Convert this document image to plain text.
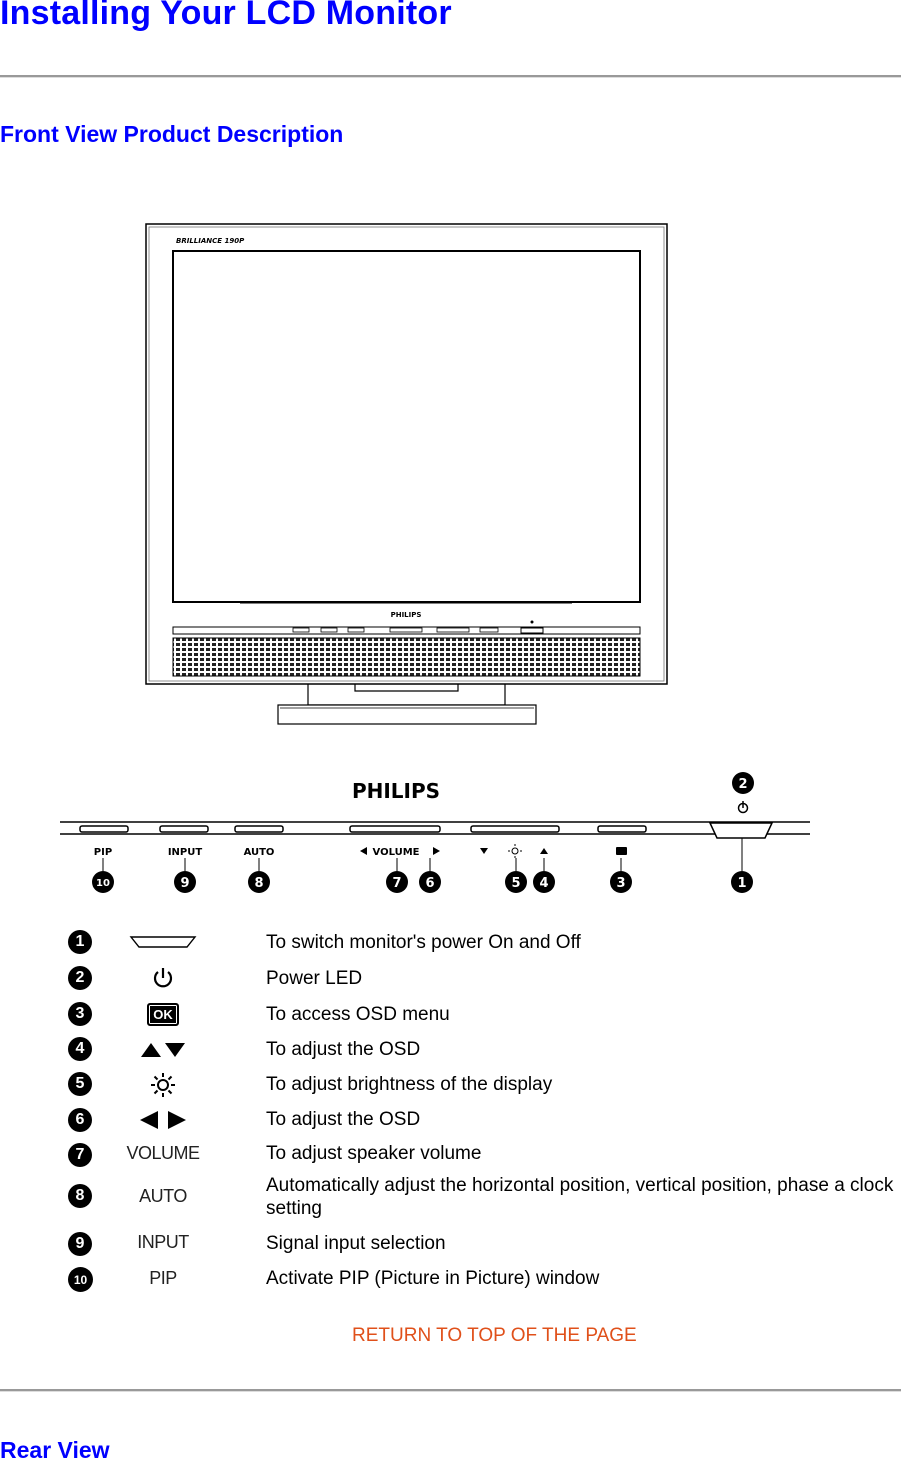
Installing Your LCD Monitor
Front View Product Description
BRILLIANCE 190P
PHILIPS
PHILIPS
PIP	INPUT	AUTO	VOLUME
10	9	8	7 6	5 4	3	1
2
1	To switch monitor's power On and Off
2	Power LED
3	OK	To access OSD menu
4	To adjust the OSD
5	To adjust brightness of the display
6	To adjust the OSD
7	VOLUME	To adjust speaker volume
8	AUTO	Automatically adjust the horizontal position, vertical position, phase a clock setting
9	INPUT	Signal input selection
10	PIP	Activate PIP (Picture in Picture) window
RETURN TO TOP OF THE PAGE
Rear View
